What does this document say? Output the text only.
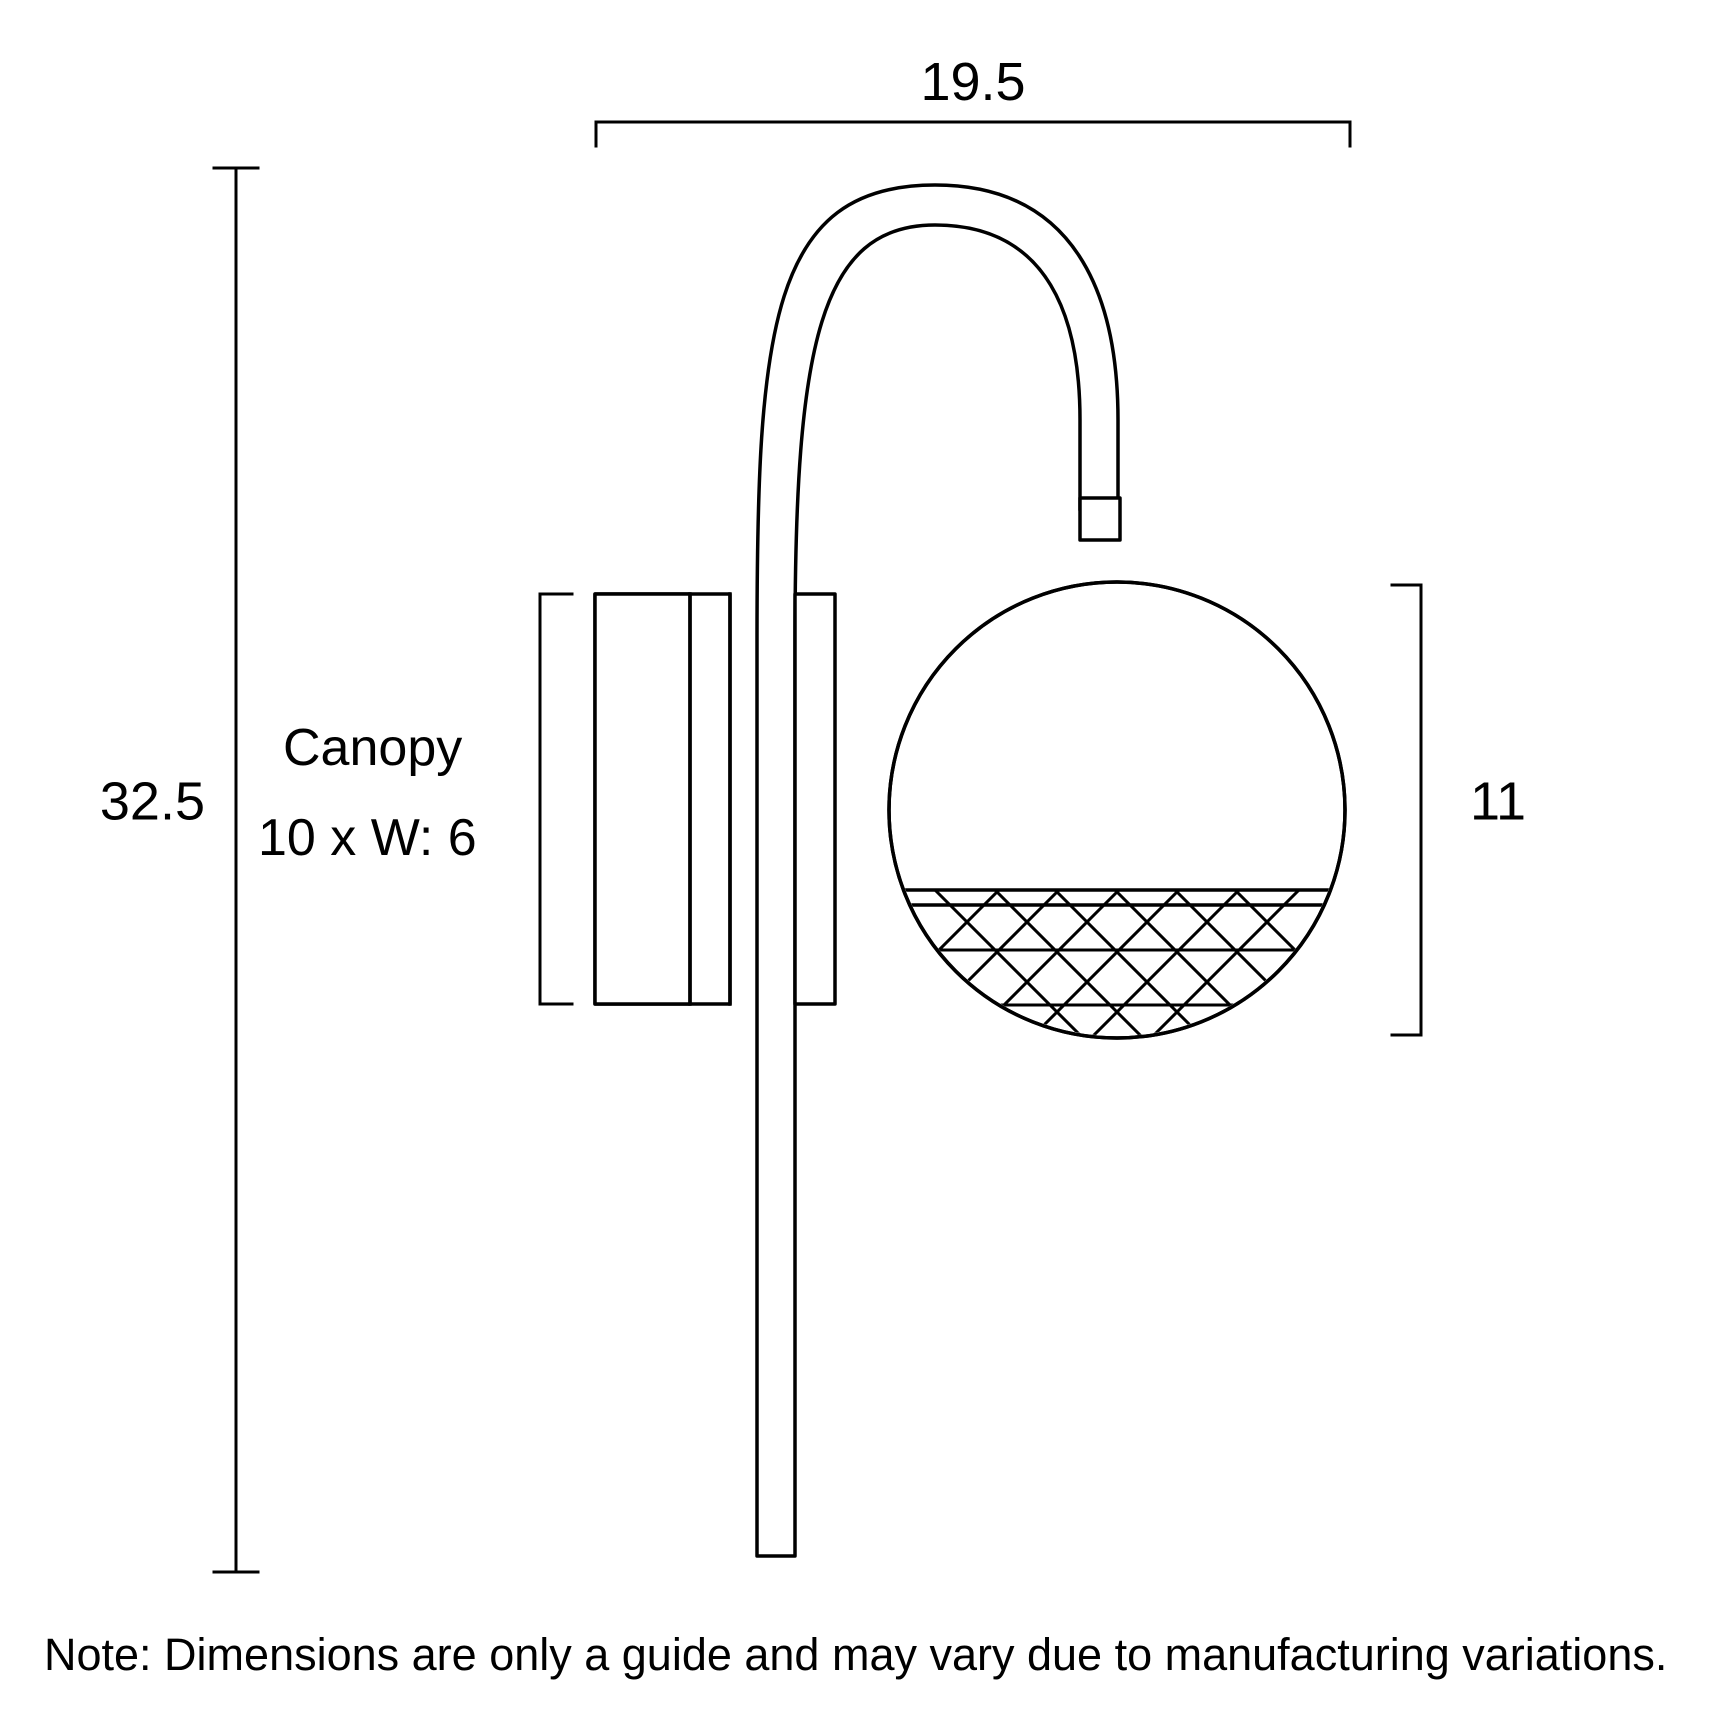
19.5
32.5
Canopy
10 x W: 6
11
Note: Dimensions are only a guide and may vary due to manufacturing variations.
